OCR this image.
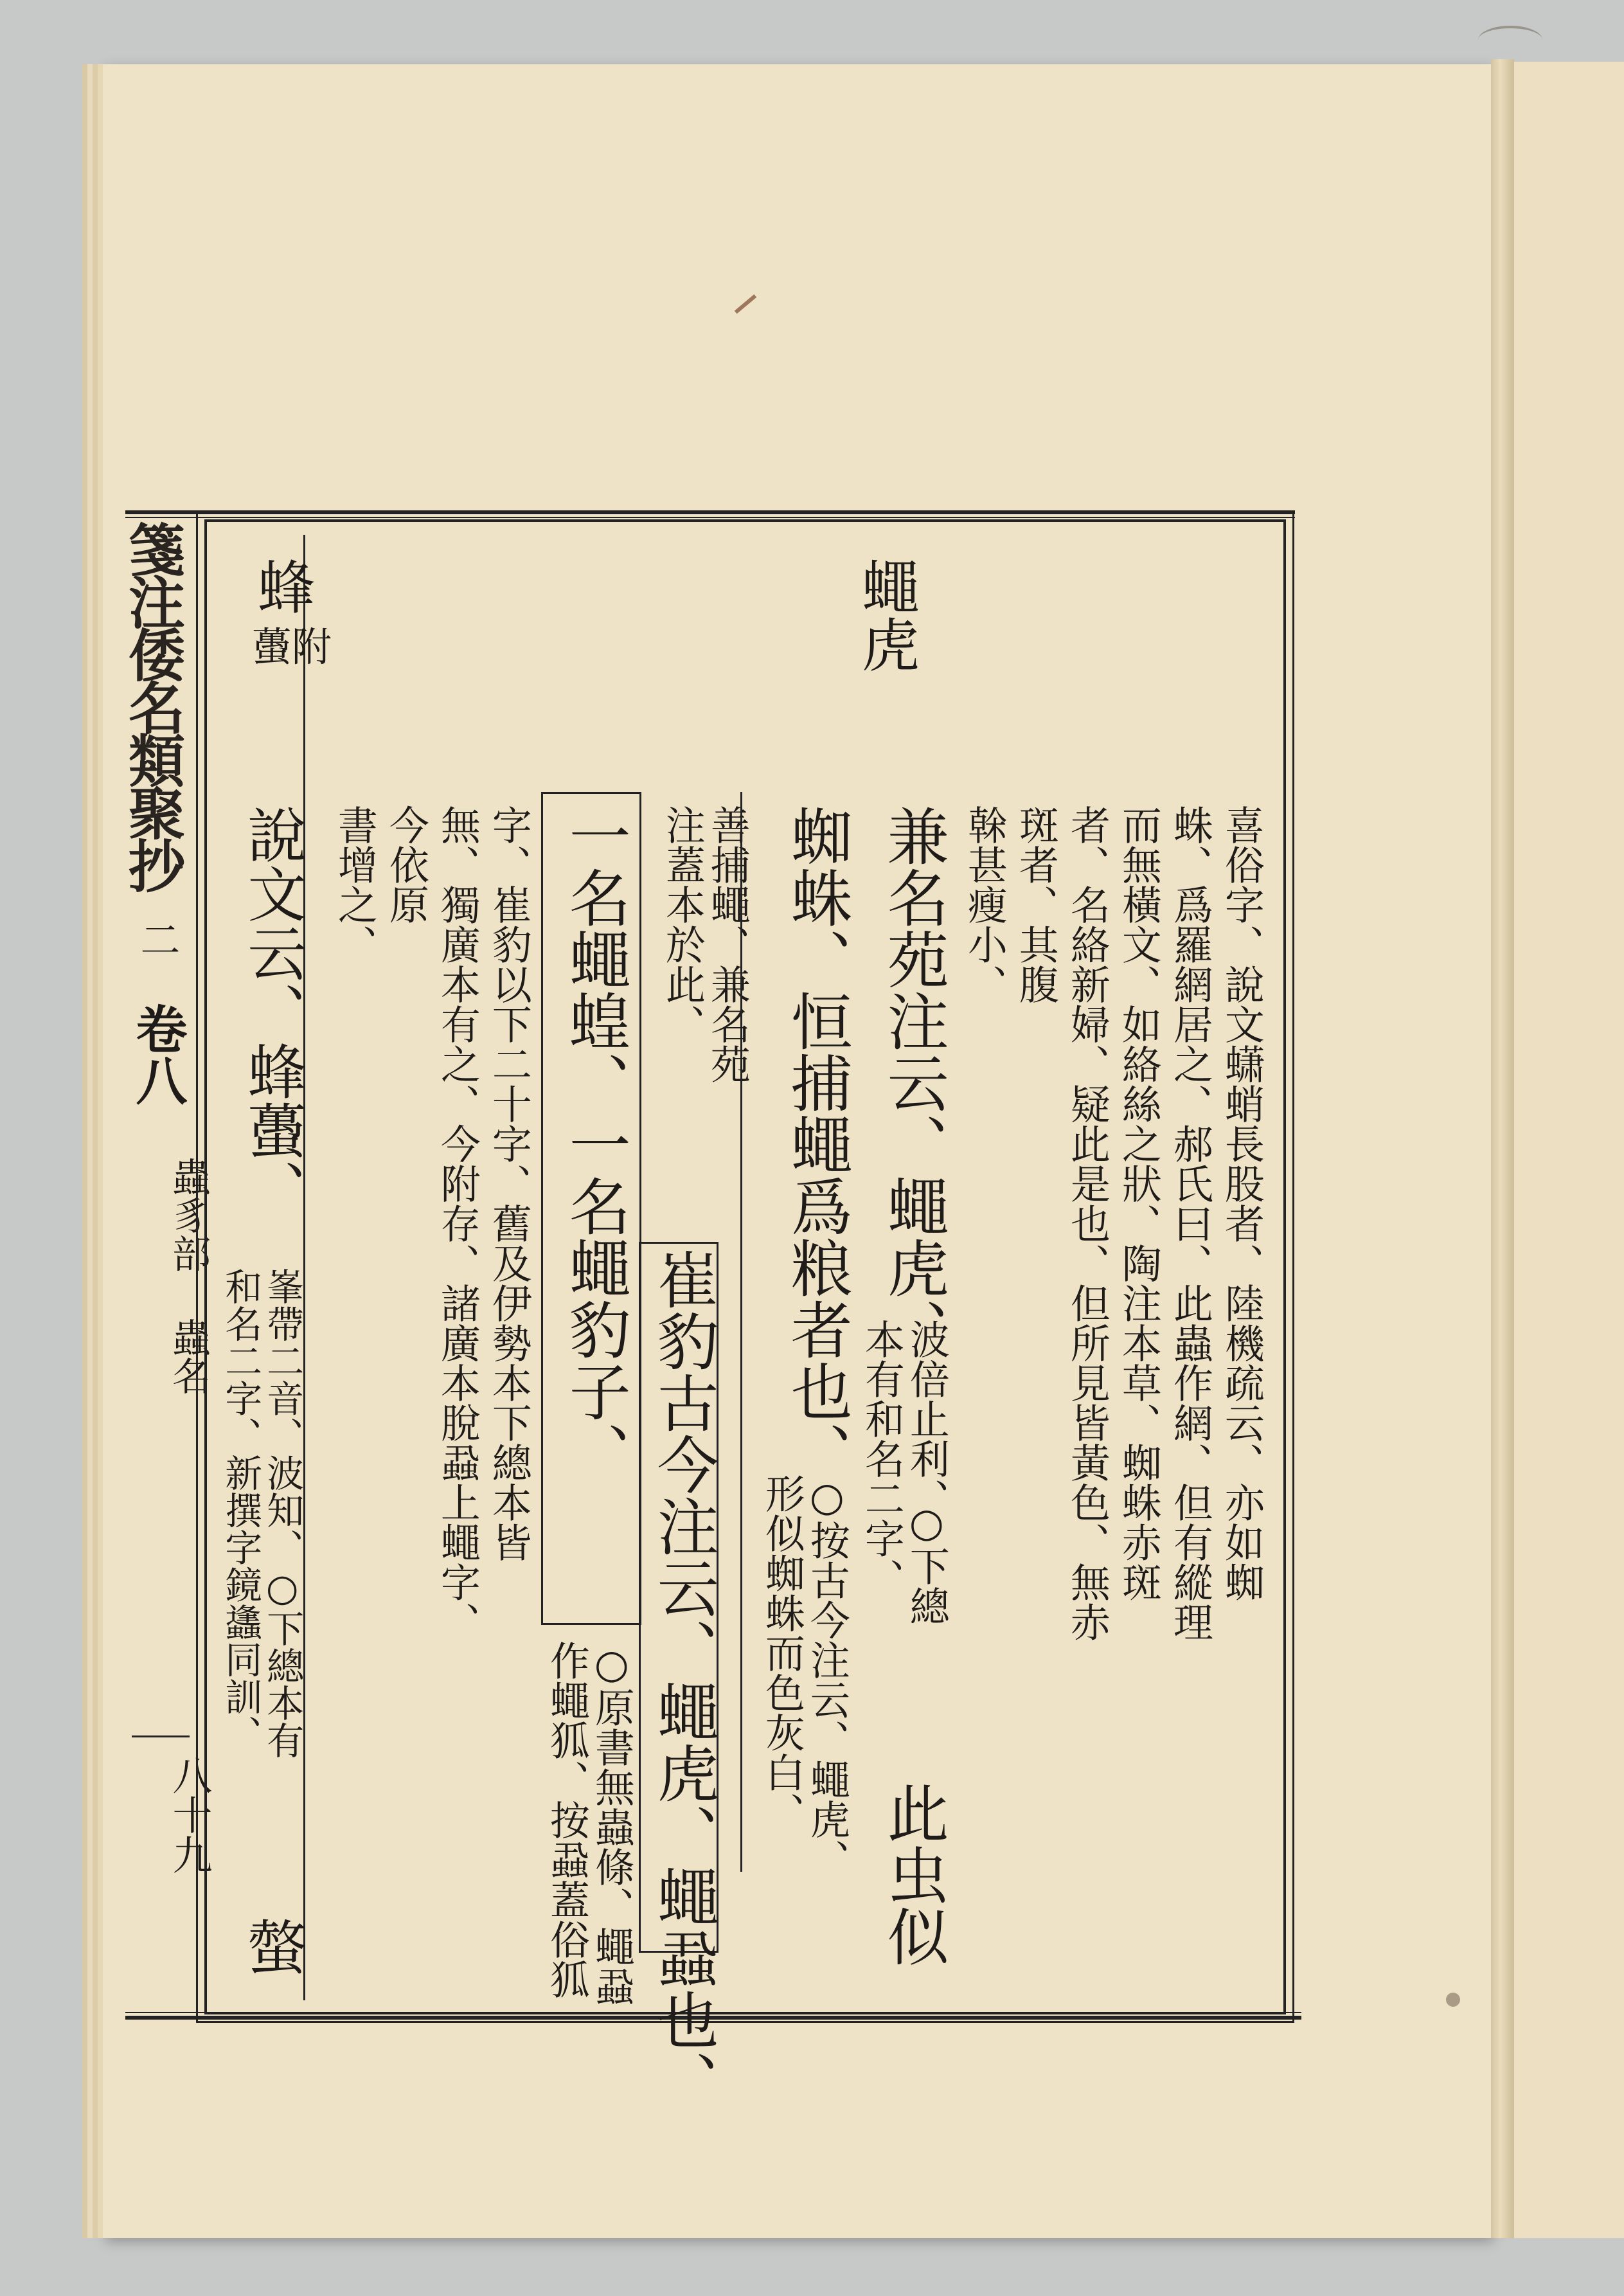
箋注倭名類聚抄
二
卷八
蟲豸部
蟲名
八十九
蠅虎
喜俗字、說文蟏蛸長股者、陸機疏云、亦如蜘
蛛、爲羅網居之、郝氏曰、此蟲作網、但有縱理
而無橫文、如絡絲之狀、陶注本草、蜘蛛赤斑
者、名絡新婦、疑此是也、但所見皆黃色、無赤
斑者、其腹
榦甚瘦小、
兼名苑注云、蠅虎、
波倍止利、
本有和名二字、
○下總
此虫似
蜘蛛、恒捕蠅爲粮者也、
○按古今注云、蠅虎、
形似蜘蛛而色灰白、
善捕蠅、兼名苑
注蓋本於此、
崔豹古今注云、蠅虎、蠅蝨也、
一名蠅蝗、一名蠅豹子、
○原書無蟲條、蠅蝨
作蠅狐、按蝨蓋俗狐
字、崔豹以下二十字、舊及伊勢本下總本皆
無、獨廣本有之、今附存、諸廣本脫蝨上蠅字、
今依原
書增之、
蜂
蠆附
說文云、蜂蠆、
峯帶二音、波知、○下總本有
和名二字、新撰字鏡蠭同訓、
螫
